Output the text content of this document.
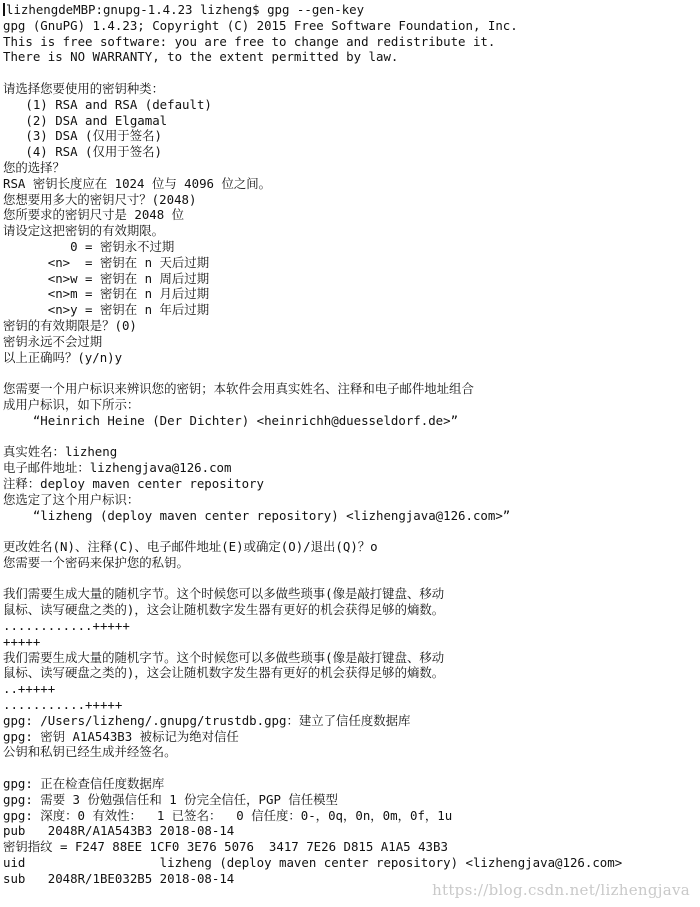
lizhengdeMBP:gnupg-1.4.23 lizheng$ gpg --gen-key
gpg (GnuPG) 1.4.23; Copyright (C) 2015 Free Software Foundation, Inc.
This is free software: you are free to change and redistribute it.
There is NO WARRANTY, to the extent permitted by law.
请选择您要使用的密钥种类：
(1) RSA and RSA (default)
(2) DSA and Elgamal
(3) DSA (仅用于签名)
(4) RSA (仅用于签名)
您的选择？
RSA 密钥长度应在 1024 位与 4096 位之间。
您想要用多大的密钥尺寸？(2048)
您所要求的密钥尺寸是 2048 位
请设定这把密钥的有效期限。
0 = 密钥永不过期
<n>  = 密钥在 n 天后过期
<n>w = 密钥在 n 周后过期
<n>m = 密钥在 n 月后过期
<n>y = 密钥在 n 年后过期
密钥的有效期限是？(0)
密钥永远不会过期
以上正确吗？(y/n)y
您需要一个用户标识来辨识您的密钥；本软件会用真实姓名、注释和电子邮件地址组合
成用户标识，如下所示：
“Heinrich Heine (Der Dichter) <heinrichh@duesseldorf.de>”
真实姓名：lizheng
电子邮件地址：lizhengjava@126.com
注释：deploy maven center repository
您选定了这个用户标识：
“lizheng (deploy maven center repository) <lizhengjava@126.com>”
更改姓名(N)、注释(C)、电子邮件地址(E)或确定(O)/退出(Q)？o
您需要一个密码来保护您的私钥。
我们需要生成大量的随机字节。这个时候您可以多做些琐事(像是敲打键盘、移动
鼠标、读写硬盘之类的)，这会让随机数字发生器有更好的机会获得足够的熵数。
............+++++
+++++
我们需要生成大量的随机字节。这个时候您可以多做些琐事(像是敲打键盘、移动
鼠标、读写硬盘之类的)，这会让随机数字发生器有更好的机会获得足够的熵数。
..+++++
...........+++++
gpg: /Users/lizheng/.gnupg/trustdb.gpg：建立了信任度数据库
gpg: 密钥 A1A543B3 被标记为绝对信任
公钥和私钥已经生成并经签名。
gpg: 正在检查信任度数据库
gpg: 需要 3 份勉强信任和 1 份完全信任，PGP 信任模型
gpg: 深度：0 有效性：  1 已签名：  0 信任度：0-，0q，0n，0m，0f，1u
pub   2048R/A1A543B3 2018-08-14
密钥指纹 = F247 88EE 1CF0 3E76 5076  3417 7E26 D815 A1A5 43B3
uid                  lizheng (deploy maven center repository) <lizhengjava@126.com>
sub   2048R/1BE032B5 2018-08-14
https://blog.csdn.net/lizhengjava
